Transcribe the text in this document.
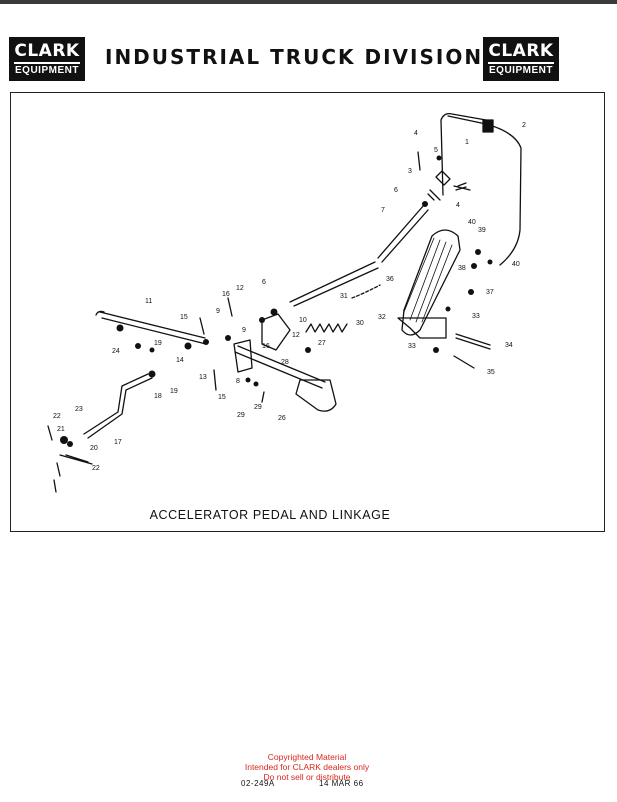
CLARK
EQUIPMENT
INDUSTRIAL TRUCK DIVISION CLARK
EQUIPMENT
1
2
3
4
4
5
6
6
7
8
9
9
10
11
12
12
13
14
15
15
16
16
17
18
19
19
20
21
22
22
23
24
26
27
28
29
29
30
31
32	33
33	34
35
36
37
38
39
40
40
ACCELERATOR PEDAL AND LINKAGE
Copyrighted Material
Intended for CLARK dealers only
Do not sell or distribute
02-249A	14 MAR 66
